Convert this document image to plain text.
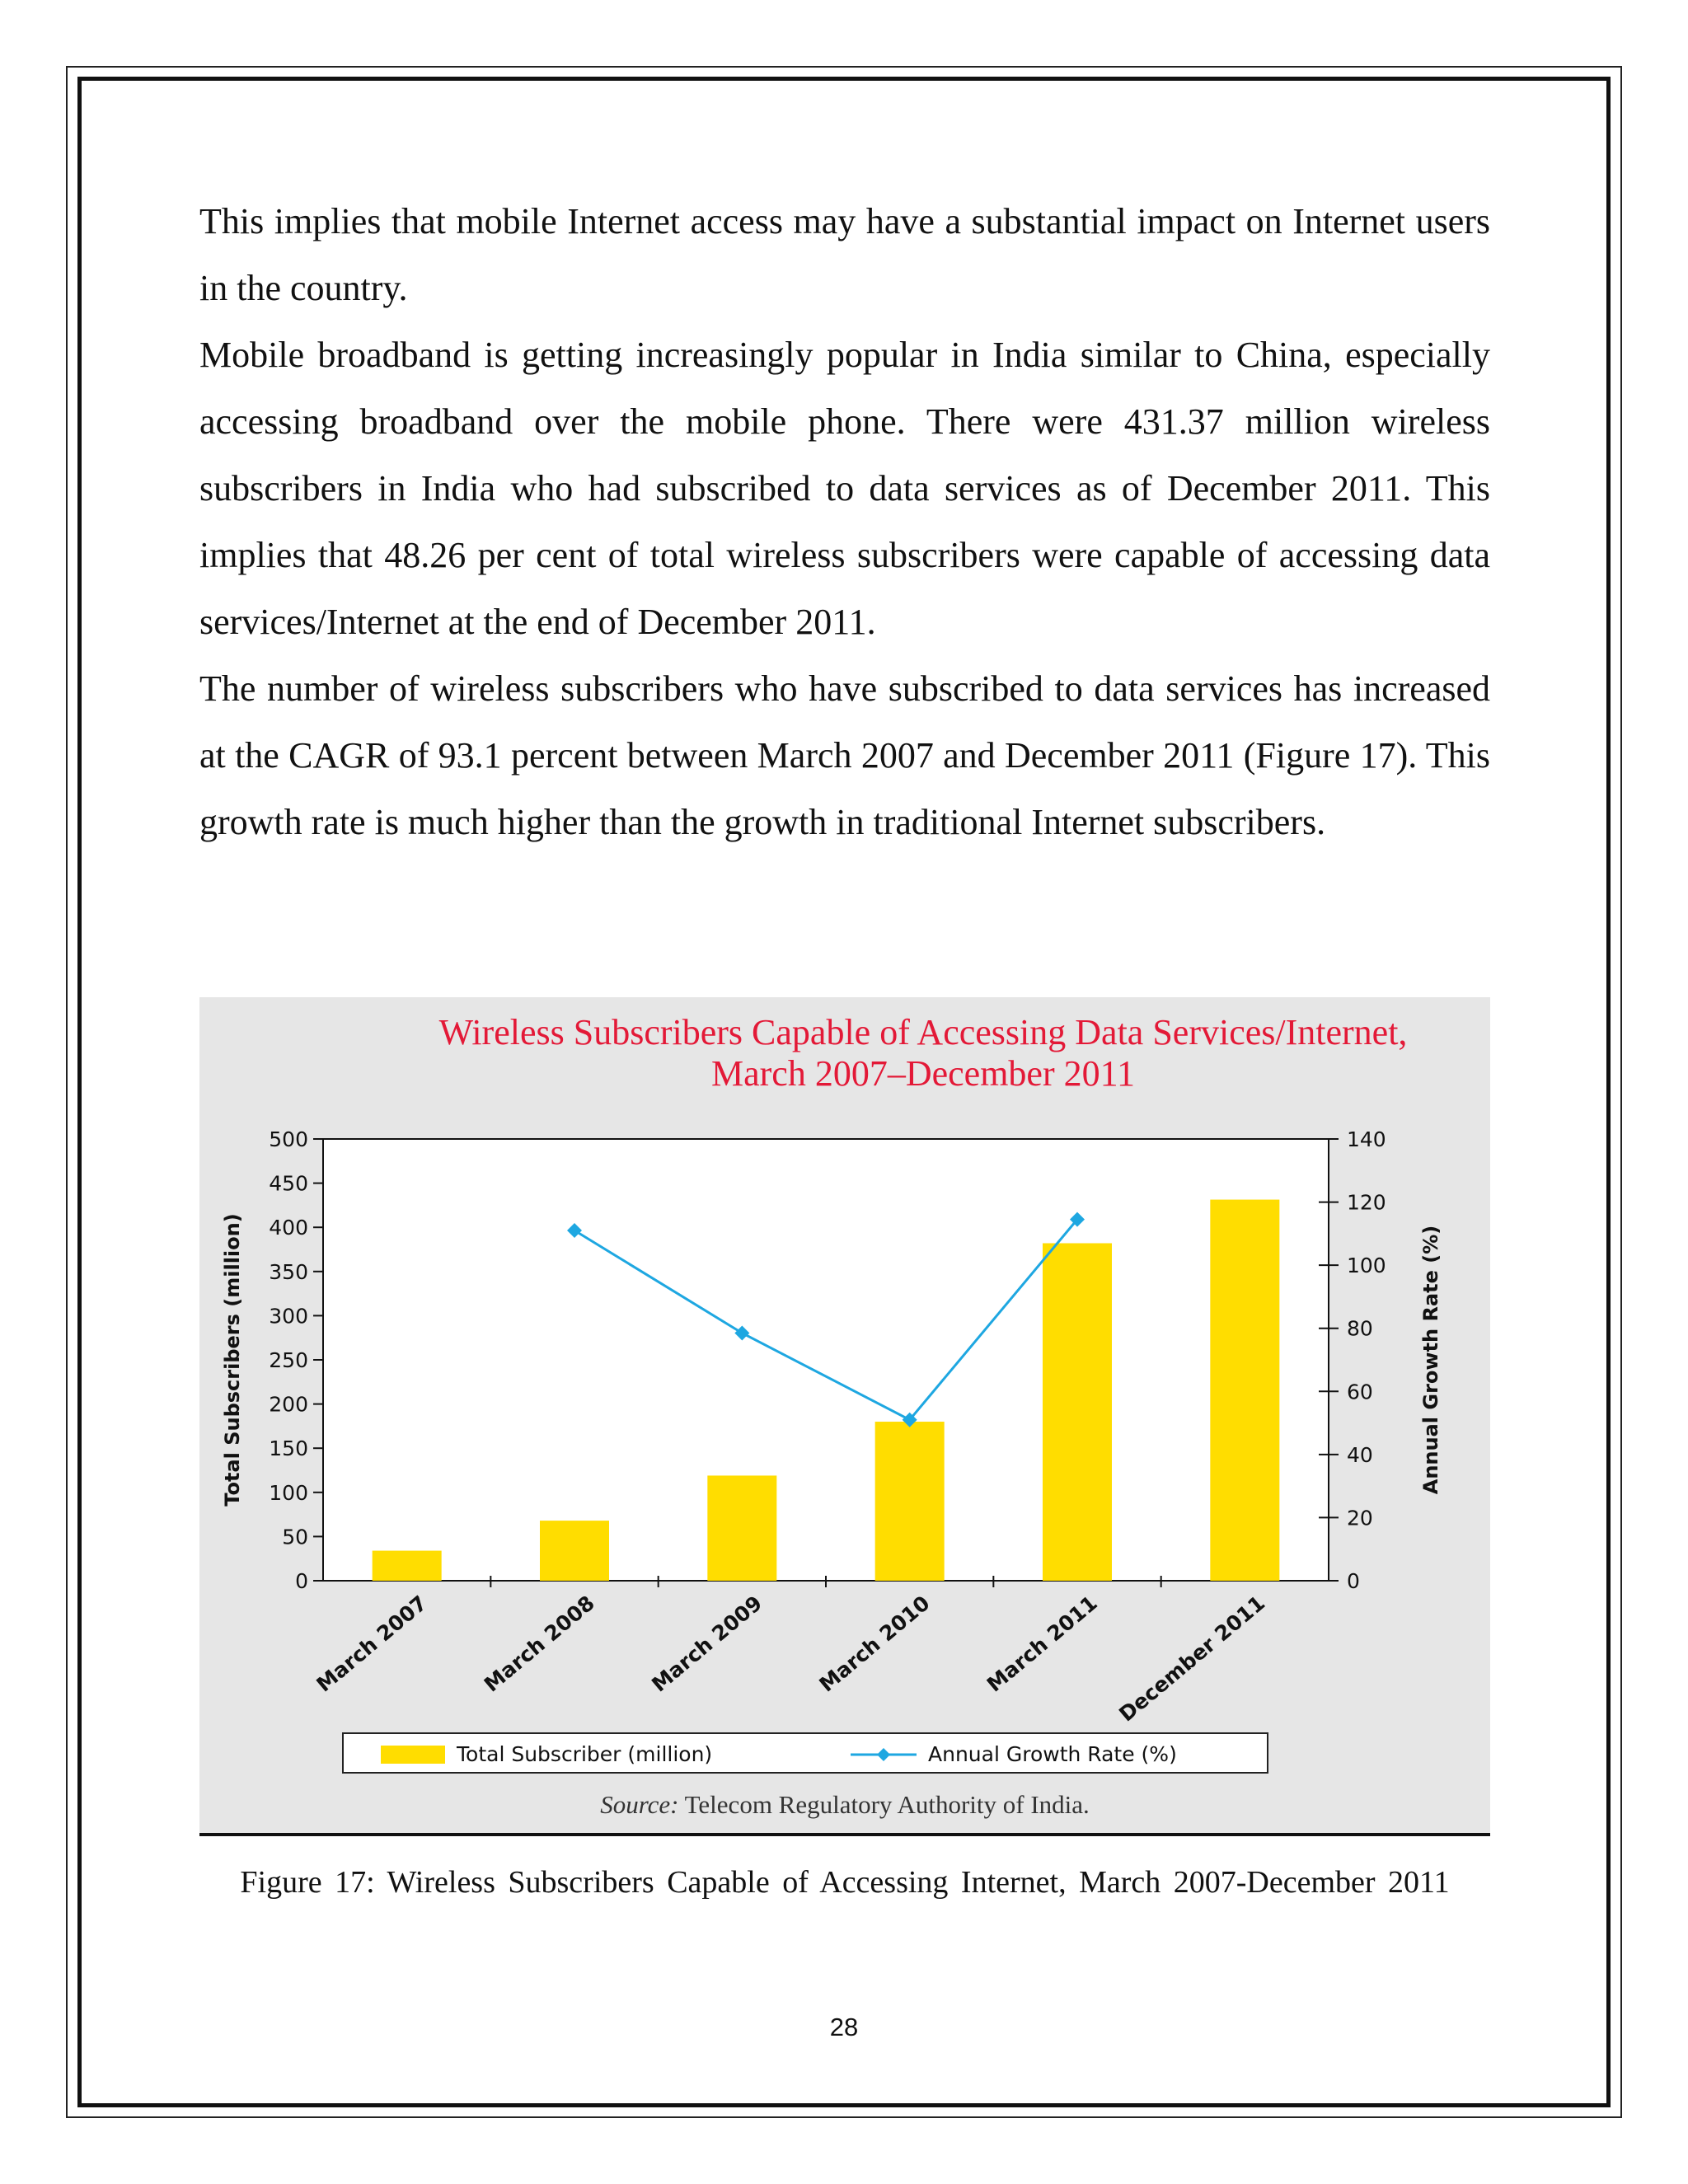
This implies that mobile Internet access may have a substantial impact on Internet users in the country.

Mobile broadband is getting increasingly popular in India similar to China, especially accessing broadband over the mobile phone. There were 431.37 million wireless subscribers in India who had subscribed to data services as of December 2011. This implies that 48.26 per cent of total wireless subscribers were capable of accessing data services/Internet at the end of December 2011.

The number of wireless subscribers who have subscribed to data services has increased at the CAGR of 93.1 percent between March 2007 and December 2011 (Figure 17). This growth rate is much higher than the growth in traditional Internet subscribers.

Wireless Subscribers Capable of Accessing Data Services/Internet,
March 2007–December 2011
0
50
100
150
200
250
300
350
400
450
500
0
20
40
60
80
100
120
140
March 2007 March 2008 March 2009 March 2010 March 2011 December 2011
Total Subscribers (million)	Annual Growth Rate (%)
Total Subscriber (million)	Annual Growth Rate (%)
Source: Telecom Regulatory Authority of India.
Figure 17: Wireless Subscribers Capable of Accessing Internet, March 2007-December 2011
28
